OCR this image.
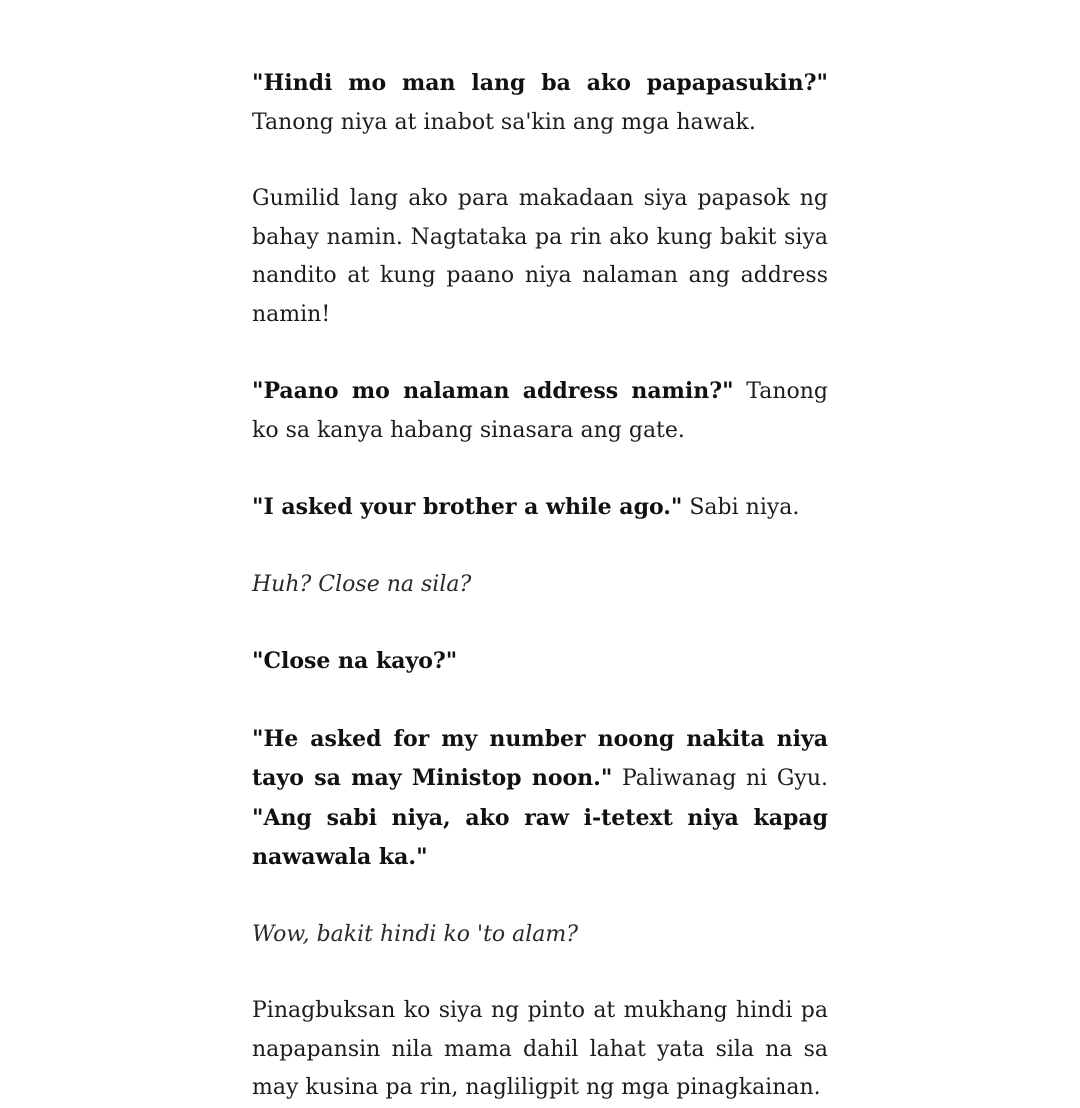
"Hindi mo man lang ba ako papapasukin?" Tanong niya at inabot sa'kin ang mga hawak.

Gumilid lang ako para makadaan siya papasok ng bahay namin. Nagtataka pa rin ako kung bakit siya nandito at kung paano niya nalaman ang address namin!

"Paano mo nalaman address namin?" Tanong ko sa kanya habang sinasara ang gate.

"I asked your brother a while ago." Sabi niya.

Huh? Close na sila?

"Close na kayo?"

"He asked for my number noong nakita niya tayo sa may Ministop noon." Paliwanag ni Gyu. "Ang sabi niya, ako raw i-tetext niya kapag nawawala ka."

Wow, bakit hindi ko 'to alam?

Pinagbuksan ko siya ng pinto at mukhang hindi pa napapansin nila mama dahil lahat yata sila na sa may kusina pa rin, nagliligpit ng mga pinagkainan.
